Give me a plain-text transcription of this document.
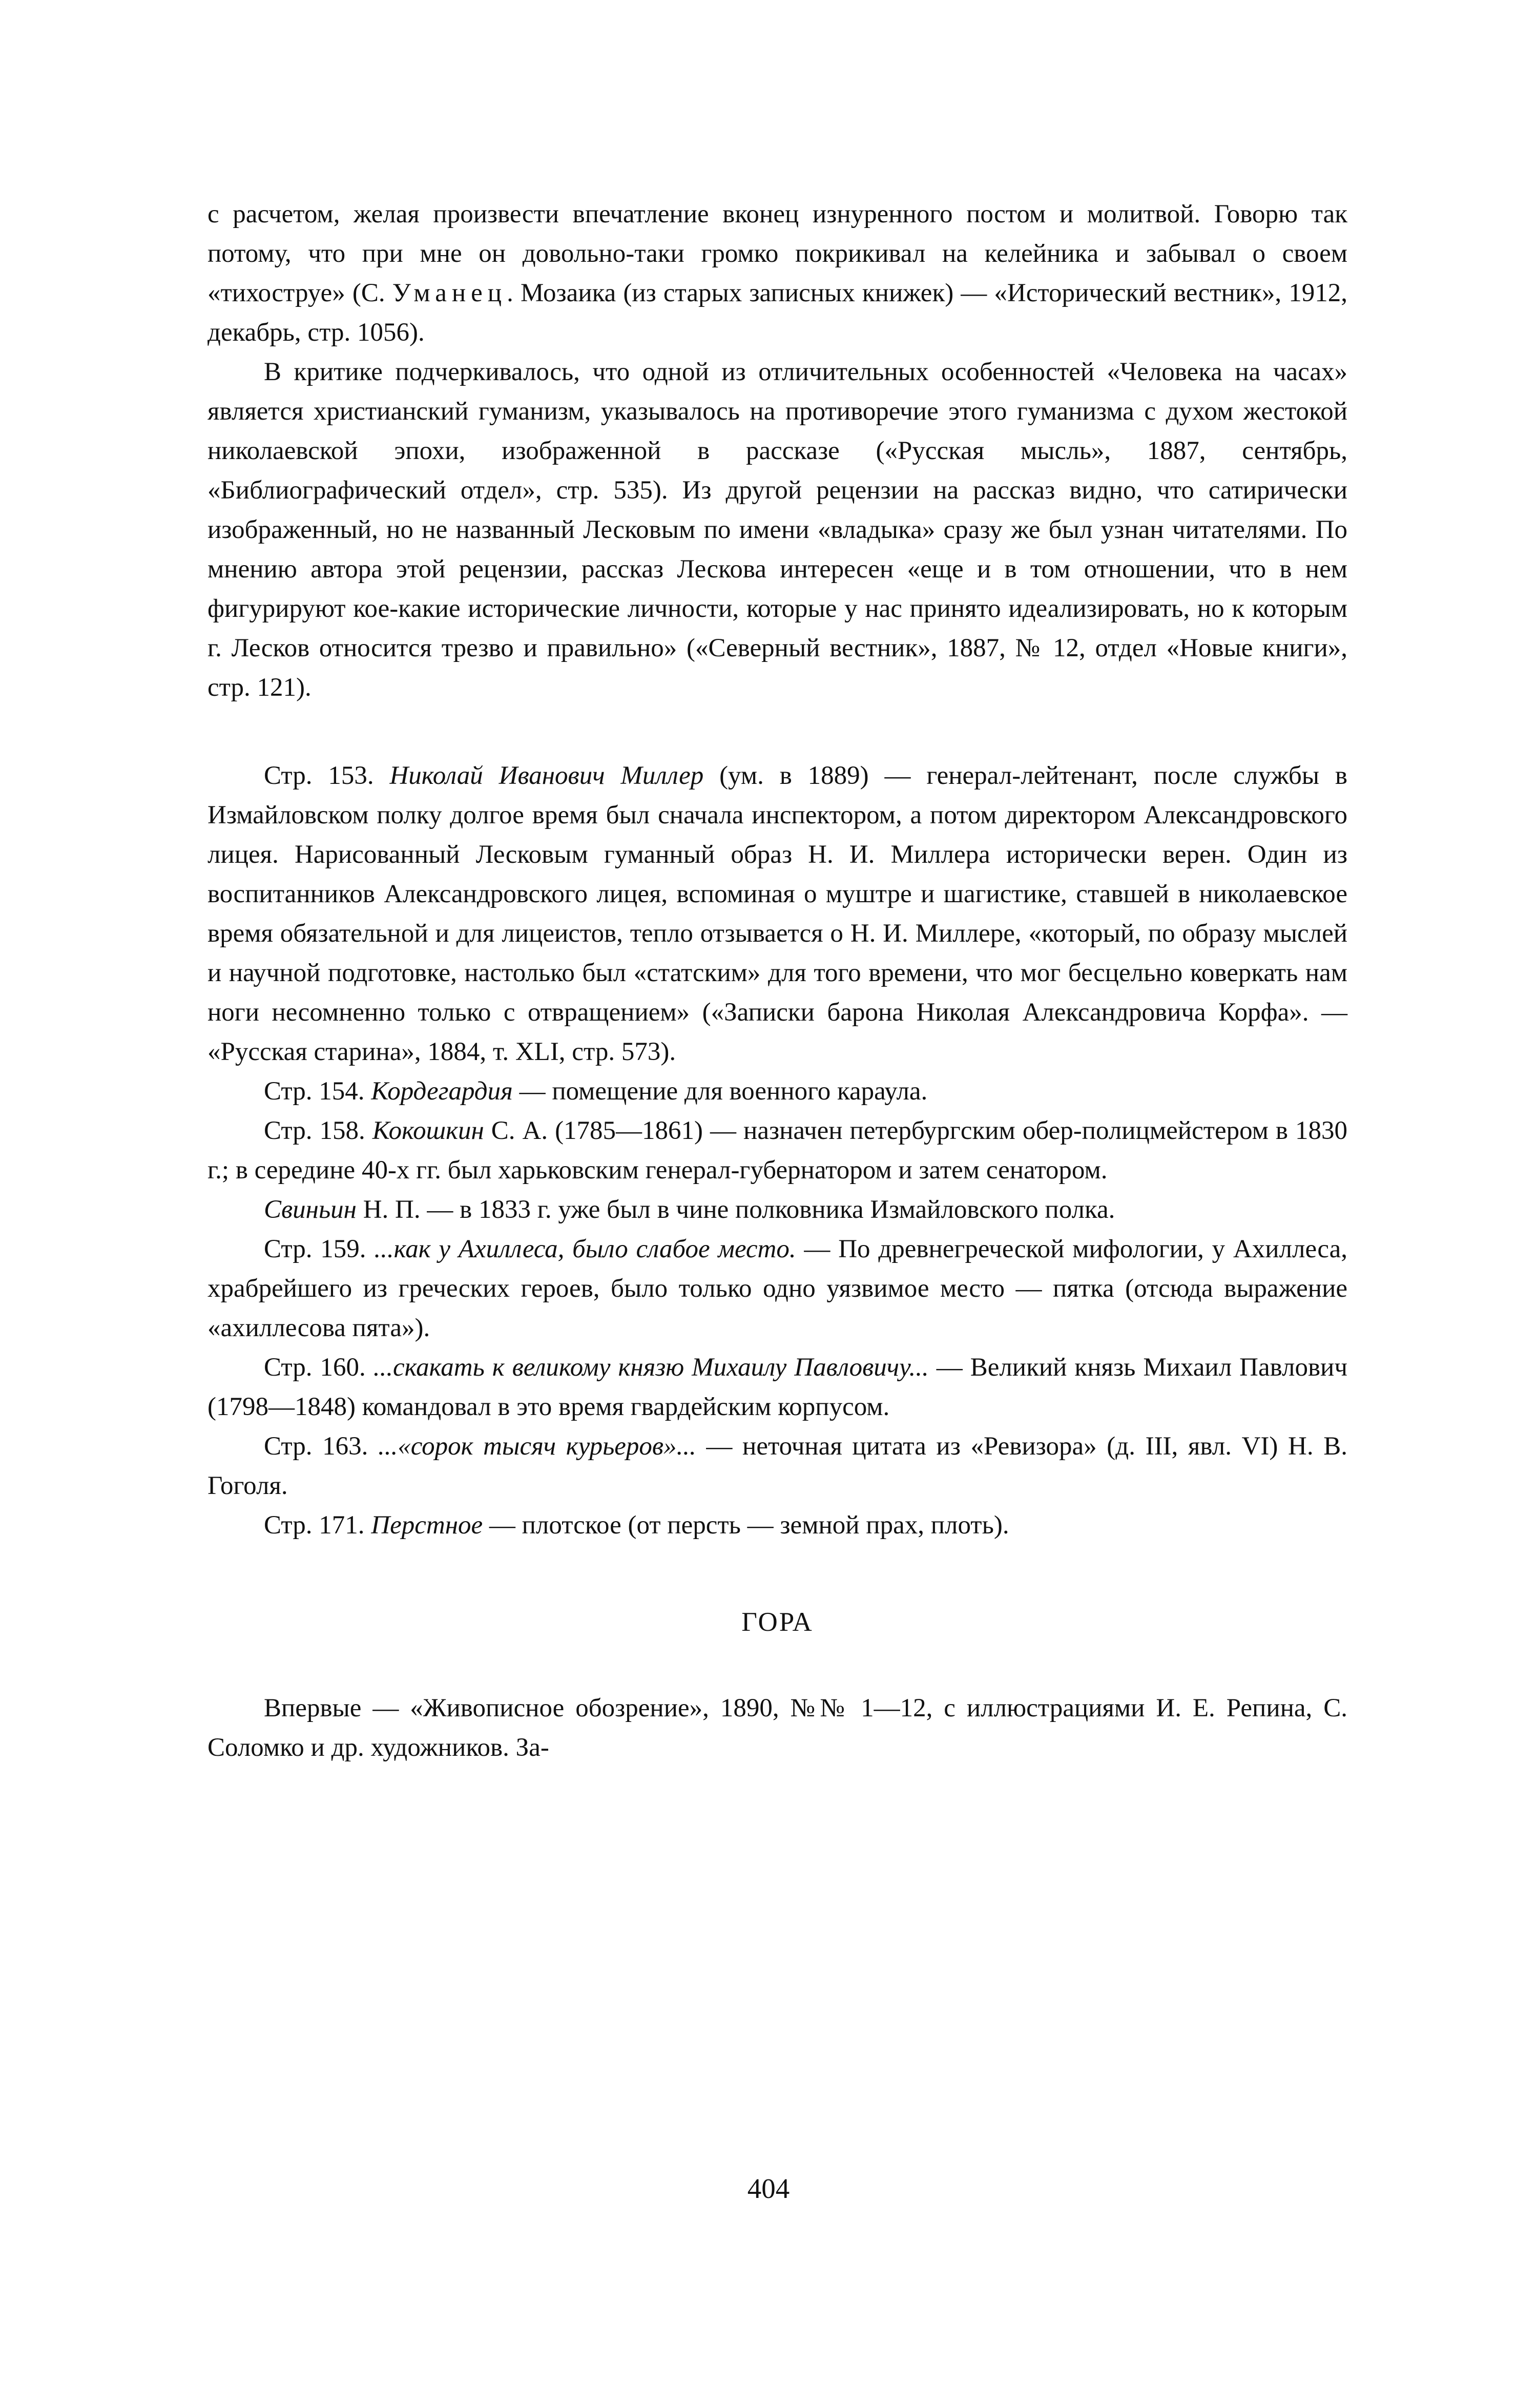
с расчетом, желая произвести впечатление вконец изнуренного постом и молитвой. Говорю так потому, что при мне он довольно-таки громко покрикивал на келейника и забывал о своем «тихоструе» (С. Уманец. Мозаика (из старых записных книжек) — «Исторический вестник», 1912, декабрь, стр. 1056).

В критике подчеркивалось, что одной из отличительных особенностей «Человека на часах» является христианский гуманизм, указывалось на противоречие этого гуманизма с духом жестокой николаевской эпохи, изображенной в рассказе («Русская мысль», 1887, сентябрь, «Библиографический отдел», стр. 535). Из другой рецензии на рассказ видно, что сатирически изображенный, но не названный Лесковым по имени «владыка» сразу же был узнан читателями. По мнению автора этой рецензии, рассказ Лескова интересен «еще и в том отношении, что в нем фигурируют кое-какие исторические личности, которые у нас принято идеализировать, но к которым г. Лесков относится трезво и правильно» («Северный вестник», 1887, № 12, отдел «Новые книги», стр. 121).

Стр. 153. Николай Иванович Миллер (ум. в 1889) — генерал-лейтенант, после службы в Измайловском полку долгое время был сначала инспектором, а потом директором Александровского лицея. Нарисованный Лесковым гуманный образ Н. И. Миллера исторически верен. Один из воспитанников Александровского лицея, вспоминая о муштре и шагистике, ставшей в николаевское время обязательной и для лицеистов, тепло отзывается о Н. И. Миллере, «который, по образу мыслей и научной подготовке, настолько был «статским» для того времени, что мог бесцельно коверкать нам ноги несомненно только с отвращением» («Записки барона Николая Александровича Корфа». — «Русская старина», 1884, т. XLI, стр. 573).

Стр. 154. Кордегардия — помещение для военного караула.

Стр. 158. Кокошкин С. А. (1785—1861) — назначен петербургским обер-полицмейстером в 1830 г.; в середине 40-х гг. был харьковским генерал-губернатором и затем сенатором.

Свиньин Н. П. — в 1833 г. уже был в чине полковника Измайловского полка.

Стр. 159. ...как у Ахиллеса, было слабое место. — По древнегреческой мифологии, у Ахиллеса, храбрейшего из греческих героев, было только одно уязвимое место — пятка (отсюда выражение «ахиллесова пята»).

Стр. 160. ...скакать к великому князю Михаилу Павловичу... — Великий князь Михаил Павлович (1798—1848) командовал в это время гвардейским корпусом.

Стр. 163. ...«сорок тысяч курьеров»... — неточная цитата из «Ревизора» (д. III, явл. VI) Н. В. Гоголя.

Стр. 171. Перстное — плотское (от персть — земной прах, плоть).

ГОРА

Впервые — «Живописное обозрение», 1890, №№ 1—12, с иллюстрациями И. Е. Репина, С. Соломко и др. художников. За-

404
